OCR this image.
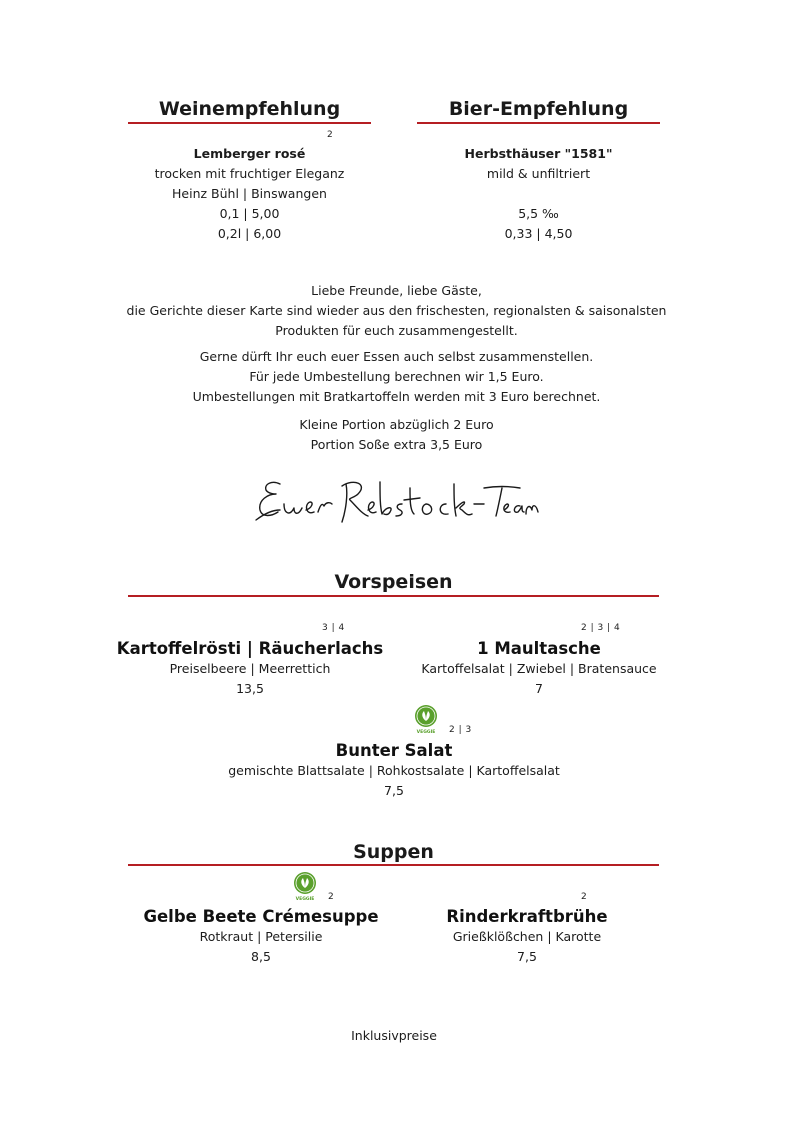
Weinempfehlung
2
Lemberger rosé
trocken mit fruchtiger Eleganz
Heinz Bühl | Binswangen
0,1 | 5,00
0,2l | 6,00
Bier-Empfehlung
Herbsthäuser "1581"
mild & unfiltriert
5,5 ‰
0,33 | 4,50
Liebe Freunde, liebe Gäste,
die Gerichte dieser Karte sind wieder aus den frischesten, regionalsten & saisonalsten
Produkten für euch zusammengestellt.
Gerne dürft Ihr euch euer Essen auch selbst zusammenstellen.
Für jede Umbestellung berechnen wir 1,5 Euro.
Umbestellungen mit Bratkartoffeln werden mit 3 Euro berechnet.
Kleine Portion abzüglich 2 Euro
Portion Soße extra 3,5 Euro
Vorspeisen
3 | 4
Kartoffelrösti | Räucherlachs
Preiselbeere | Meerrettich
13,5
2 | 3 | 4
1 Maultasche
Kartoffelsalat | Zwiebel | Bratensauce
7
VEGGIE 2 | 3
Bunter Salat
gemischte Blattsalate | Rohkostsalate | Kartoffelsalat
7,5
Suppen
VEGGIE 2
Gelbe Beete Crémesuppe
Rotkraut | Petersilie
8,5
2
Rinderkraftbrühe
Grießklößchen | Karotte
7,5
Inklusivpreise
